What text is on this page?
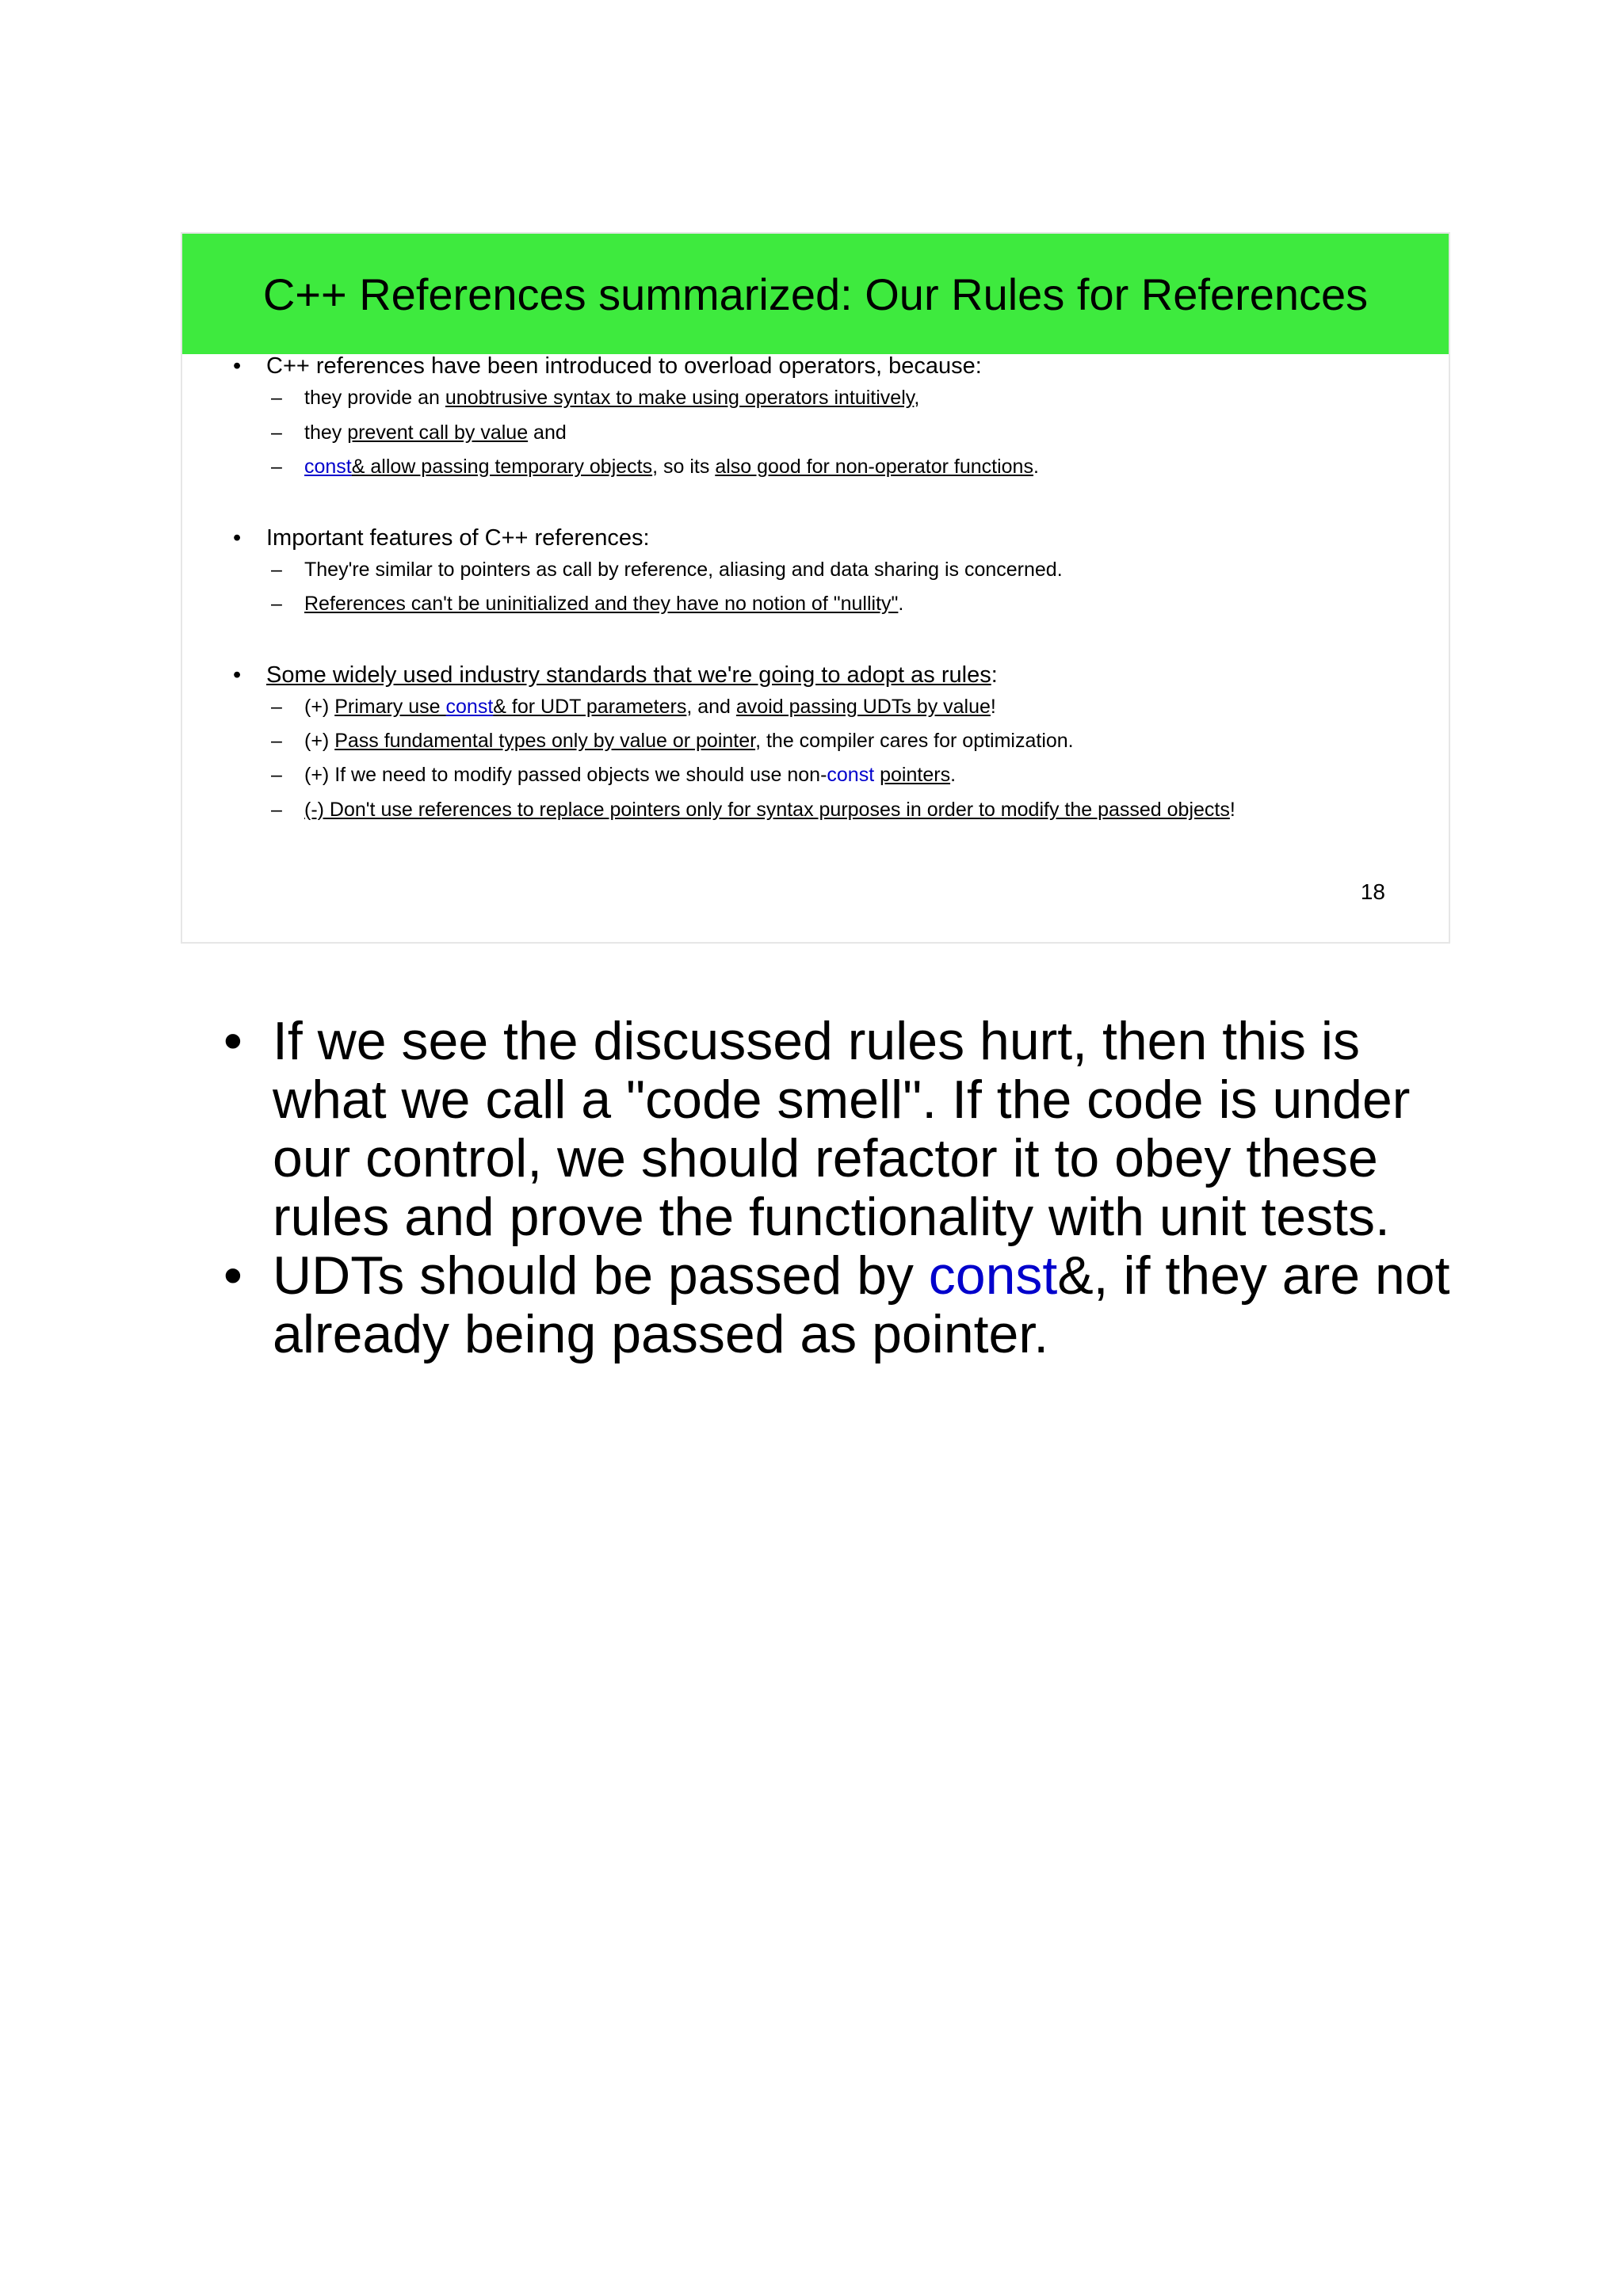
C++ References summarized: Our Rules for References
• C++ references have been introduced to overload operators, because:
– they provide an unobtrusive syntax to make using operators intuitively,
– they prevent call by value and
– const& allow passing temporary objects, so its also good for non-operator functions.
• Important features of C++ references:
– They're similar to pointers as call by reference, aliasing and data sharing is concerned.
– References can't be uninitialized and they have no notion of "nullity".
• Some widely used industry standards that we're going to adopt as rules:
– (+) Primary use const& for UDT parameters, and avoid passing UDTs by value!
– (+) Pass fundamental types only by value or pointer, the compiler cares for optimization.
– (+) If we need to modify passed objects we should use non-const pointers.
– (-) Don't use references to replace pointers only for syntax purposes in order to modify the passed objects!
18
• If we see the discussed rules hurt, then this is what we call a "code smell". If the code is under our control, we should refactor it to obey these rules and prove the functionality with unit tests.
• UDTs should be passed by const&, if they are not already being passed as pointer.
